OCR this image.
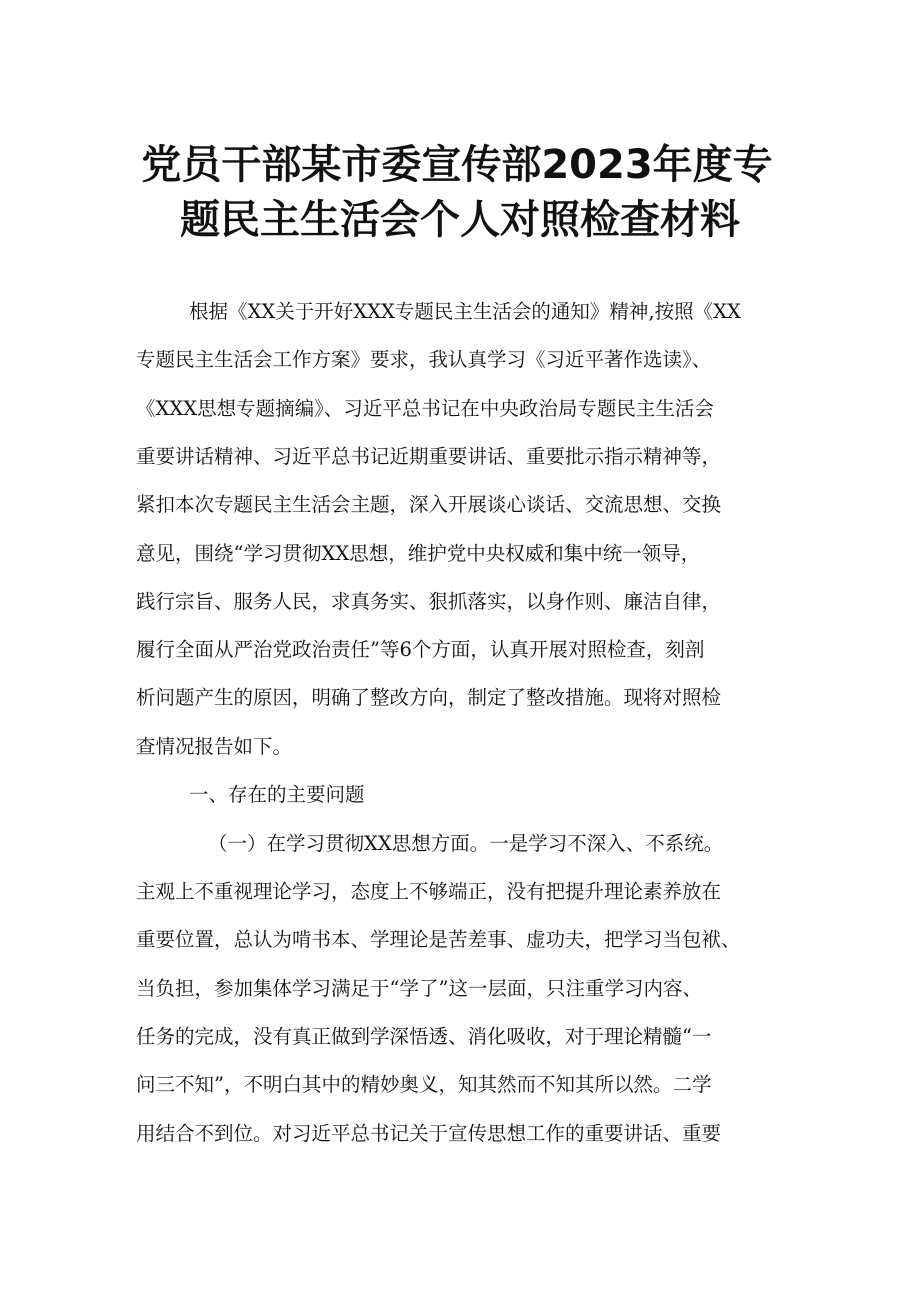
党员干部某市委宣传部2023年度专
题民主生活会个人对照检查材料

根据《XX关于开好XXX专题民主生活会的通知》精神,按照《XX

专题民主生活会工作方案》要求，我认真学习《习近平著作选读》、

《XXX思想专题摘编》、习近平总书记在中央政治局专题民主生活会

重要讲话精神、习近平总书记近期重要讲话、重要批示指示精神等，

紧扣本次专题民主生活会主题，深入开展谈心谈话、交流思想、交换

意见，围绕“学习贯彻XX思想，维护党中央权威和集中统一领导，

践行宗旨、服务人民，求真务实、狠抓落实，以身作则、廉洁自律，

履行全面从严治党政治责任”等6个方面，认真开展对照检查，刻剖

析问题产生的原因，明确了整改方向，制定了整改措施。现将对照检

查情况报告如下。

一、存在的主要问题

（一）在学习贯彻XX思想方面。一是学习不深入、不系统。

主观上不重视理论学习，态度上不够端正，没有把提升理论素养放在

重要位置，总认为啃书本、学理论是苦差事、虚功夫，把学习当包袱、

当负担，参加集体学习满足于“学了”这一层面，只注重学习内容、

任务的完成，没有真正做到学深悟透、消化吸收，对于理论精髓“一

问三不知”，不明白其中的精妙奥义，知其然而不知其所以然。二学

用结合不到位。对习近平总书记关于宣传思想工作的重要讲话、重要
